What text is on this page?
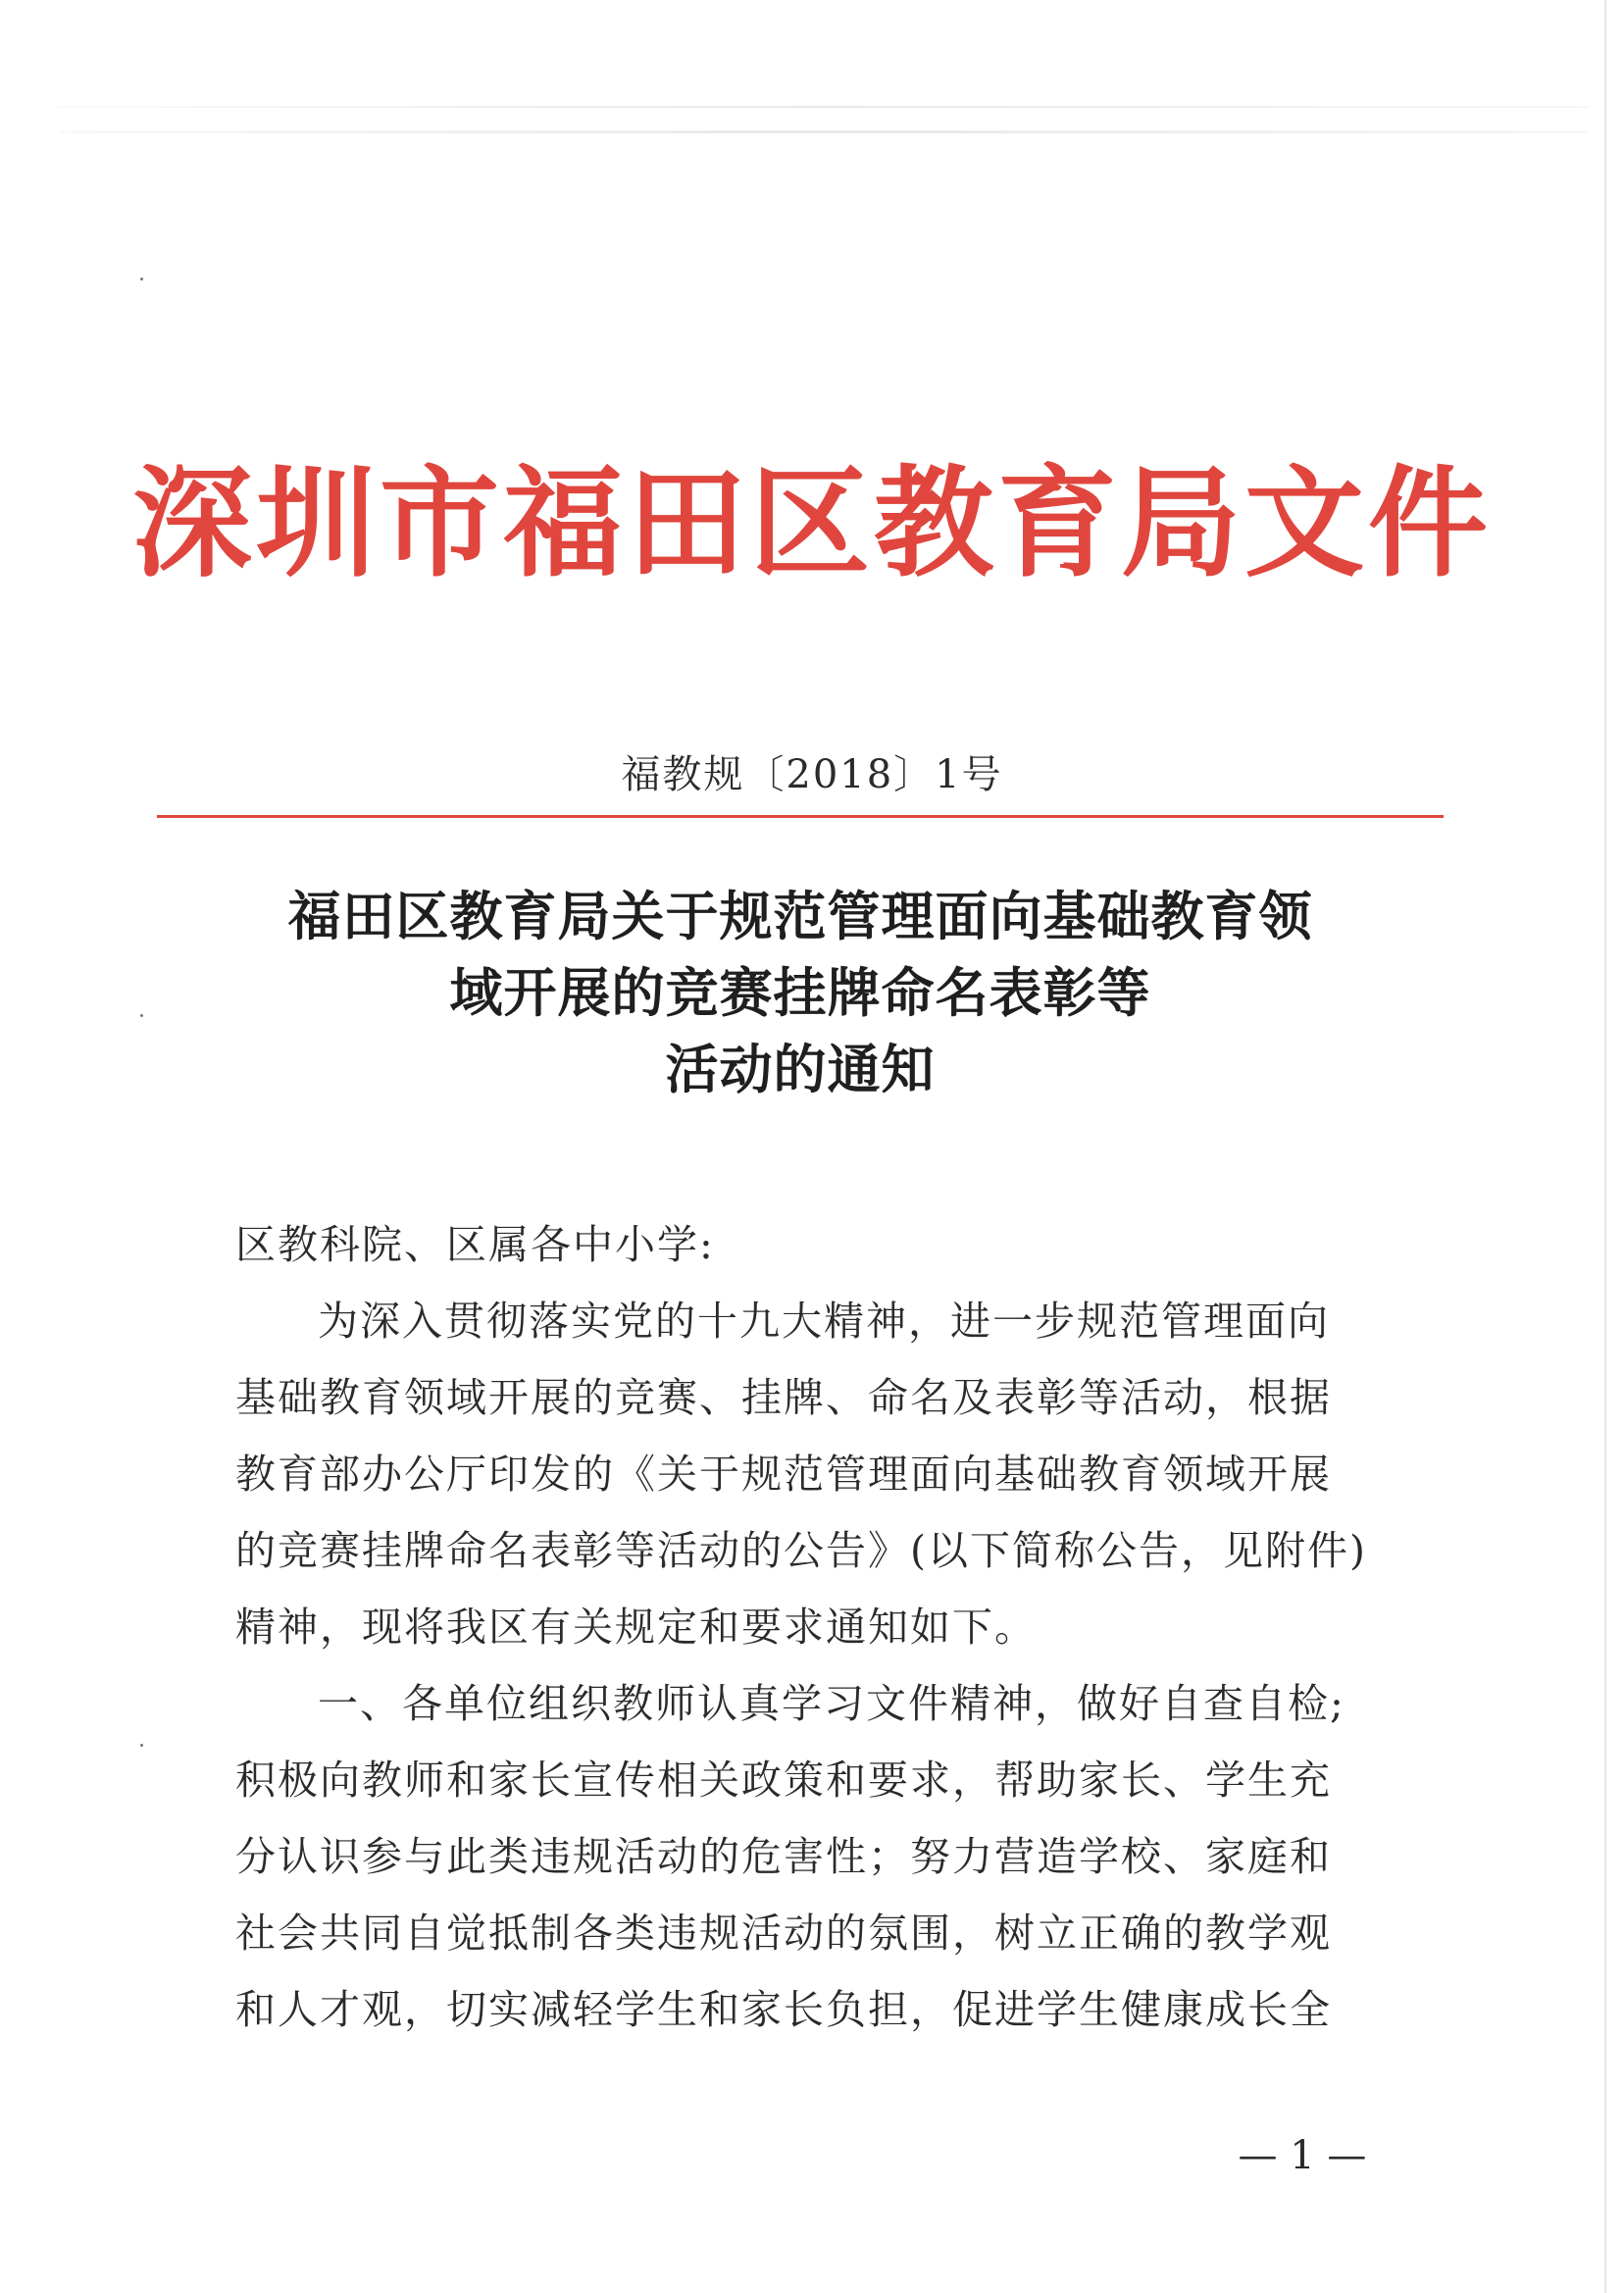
深圳市福田区教育局文件
福教规〔2018〕1号
福田区教育局关于规范管理面向基础教育领
域开展的竞赛挂牌命名表彰等
活动的通知
区教科院、区属各中小学:
为深入贯彻落实党的十九大精神，进一步规范管理面向
基础教育领域开展的竞赛、挂牌、命名及表彰等活动，根据
教育部办公厅印发的《关于规范管理面向基础教育领域开展
的竞赛挂牌命名表彰等活动的公告》(以下简称公告，见附件)
精神，现将我区有关规定和要求通知如下。
一、各单位组织教师认真学习文件精神，做好自查自检;
积极向教师和家长宣传相关政策和要求，帮助家长、学生充
分认识参与此类违规活动的危害性；努力营造学校、家庭和
社会共同自觉抵制各类违规活动的氛围，树立正确的教学观
和人才观，切实减轻学生和家长负担，促进学生健康成长全
— 1 —
